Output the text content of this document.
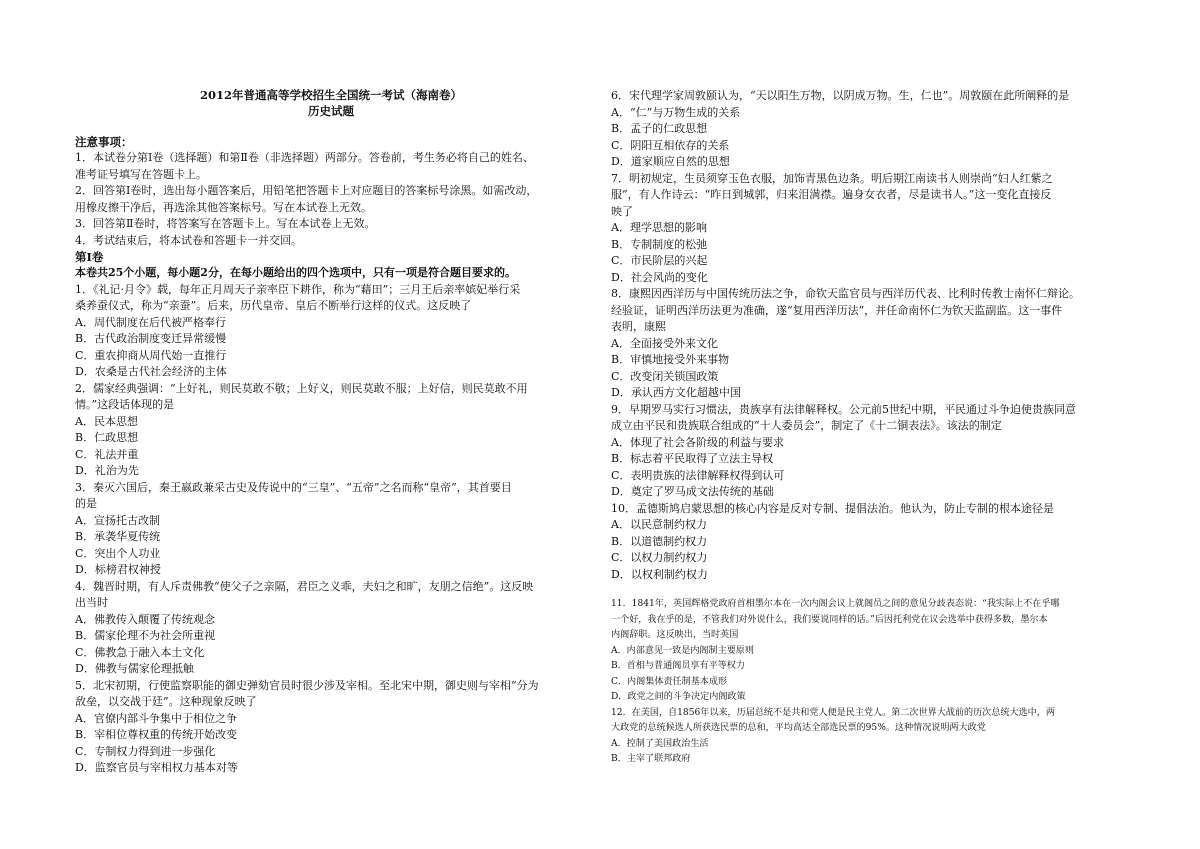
2012年普通高等学校招生全国统一考试（海南卷）
历史试题
注意事项：
1．本试卷分第Ⅰ卷（选择题）和第Ⅱ卷（非选择题）两部分。答卷前，考生务必将自己的姓名、
准考证号填写在答题卡上。
2．回答第Ⅰ卷时，选出每小题答案后，用铅笔把答题卡上对应题目的答案标号涂黑。如需改动，
用橡皮擦干净后，再选涂其他答案标号。写在本试卷上无效。
3．回答第Ⅱ卷时，将答案写在答题卡上。写在本试卷上无效。
4．考试结束后，将本试卷和答题卡一并交回。
第Ⅰ卷
本卷共25个小题，每小题2分，在每小题给出的四个选项中，只有一项是符合题目要求的。
1．《礼记·月令》载，每年正月周天子亲率臣下耕作，称为“藉田”；三月王后亲率嫔妃举行采
桑养蚕仪式，称为“亲蚕”。后来，历代皇帝、皇后不断举行这样的仪式。这反映了
A．周代制度在后代被严格奉行
B．古代政治制度变迁异常缓慢
C．重农抑商从周代始一直推行
D．农桑是古代社会经济的主体
2．儒家经典强调：“上好礼，则民莫敢不敬；上好义，则民莫敢不服；上好信，则民莫敢不用
情。”这段话体现的是
A．民本思想
B．仁政思想
C．礼法并重
D．礼治为先
3．秦灭六国后，秦王嬴政兼采古史及传说中的“三皇”、“五帝”之名而称“皇帝”，其首要目
的是
A．宣扬托古改制
B．承袭华夏传统
C．突出个人功业
D．标榜君权神授
4．魏晋时期，有人斥责佛教“使父子之亲隔，君臣之义乖，夫妇之和旷，友朋之信绝”。这反映
出当时
A．佛教传入颠覆了传统观念
B．儒家伦理不为社会所重视
C．佛教急于融入本土文化
D．佛教与儒家伦理抵触
5．北宋初期，行使监察职能的御史弹劾官员时很少涉及宰相。至北宋中期，御史则与宰相“分为
敌垒，以交战于廷”。这种现象反映了
A．官僚内部斗争集中于相位之争
B．宰相位尊权重的传统开始改变
C．专制权力得到进一步强化
D．监察官员与宰相权力基本对等
6．宋代理学家周敦颐认为，“天以阳生万物，以阴成万物。生，仁也”。周敦颐在此所阐释的是
A．“仁”与万物生成的关系
B．孟子的仁政思想
C．阴阳互相依存的关系
D．道家顺应自然的思想
7．明初规定，生员须穿玉色衣服，加饰青黑色边条。明后期江南读书人则崇尚“妇人红紫之
服”，有人作诗云：“昨日到城郭，归来泪满襟。遍身女衣者，尽是读书人。”这一变化直接反
映了
A．理学思想的影响
B．专制制度的松弛
C．市民阶层的兴起
D．社会风尚的变化
8．康熙因西洋历与中国传统历法之争，命钦天监官员与西洋历代表、比利时传教士南怀仁辩论。
经验证，证明西洋历法更为准确，遂“复用西洋历法”，并任命南怀仁为钦天监副监。这一事件
表明，康熙
A．全面接受外来文化
B．审慎地接受外来事物
C．改变闭关锁国政策
D．承认西方文化超越中国
9．早期罗马实行习惯法，贵族享有法律解释权。公元前5世纪中期，平民通过斗争迫使贵族同意
成立由平民和贵族联合组成的“十人委员会”，制定了《十二铜表法》。该法的制定
A．体现了社会各阶级的利益与要求
B．标志着平民取得了立法主导权
C．表明贵族的法律解释权得到认可
D．奠定了罗马成文法传统的基础
10．孟德斯鸠启蒙思想的核心内容是反对专制、提倡法治。他认为，防止专制的根本途径是
A．以民意制约权力
B．以道德制约权力
C．以权力制约权力
D．以权利制约权力
11．1841年，英国辉格党政府首相墨尔本在一次内阁会议上就阁员之间的意见分歧表态说：“我实际上不在乎哪
一个好，我在乎的是，不管我们对外说什么，我们要说同样的话。”后因托利党在议会选举中获得多数，墨尔本
内阁辞职。这反映出，当时英国
A．内部意见一致是内阁制主要原则
B．首相与普通阁员享有平等权力
C．内阁集体责任制基本成形
D．政党之间的斗争决定内阁政策
12．在美国，自1856年以来，历届总统不是共和党人便是民主党人。第二次世界大战前的历次总统大选中，两
大政党的总统候选人所获选民票的总和，平均高达全部选民票的95%。这种情况说明两大政党
A．控制了美国政治生活
B．主宰了联邦政府
